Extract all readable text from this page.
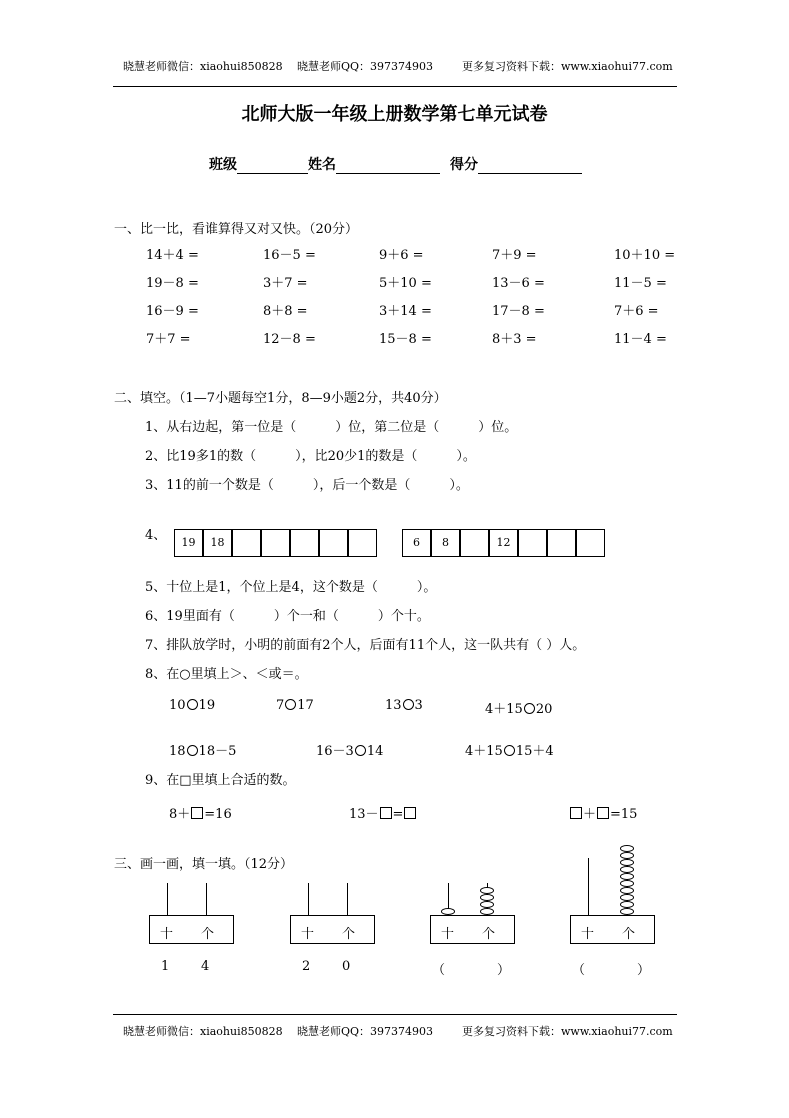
晓慧老师微信：xiaohui850828 晓慧老师QQ：397374903	更多复习资料下载：www.xiaohui77.com
北师大版一年级上册数学第七单元试卷
班级	姓名	得分
一、比一比，看谁算得又对又快。（20分）
14＋4 =	16－5 =	9＋6 =	7＋9 =	10＋10 =
19－8 =	3＋7 =	5＋10 =	13－6 =	11－5 =
16－9 =	8＋8 =	3＋14 =	17－8 =	7＋6 =
7＋7 =	12－8 =	15－8 =	8＋3 =	11－4 =
二、填空。（1—7小题每空1分，8—9小题2分，共40分）
1、从右边起，第一位是（　　　）位，第二位是（　　　）位。
2、比19多1的数（　　　），比20少1的数是（　　　）。
3、11的前一个数是（　　　），后一个数是（　　　）。
4、	19	18	6	8	12
5、十位上是1，个位上是4，这个数是（　　　）。
6、19里面有（　　　）个一和（　　　）个十。
7、排队放学时，小明的前面有2个人，后面有11个人，这一队共有（ ）人。
8、在○里填上＞、＜或＝。
10 19	7 17	13 3	4＋15 20
18 18－5	16－3 14	4＋15 15＋4
9、在□里填上合适的数。
8＋ =16	13－ =	＋ =15
三、画一画，填一填。（12分）
十 个
1 4
十 个
2 0
十 个
（　　　　）
十 个
（　　　　）
晓慧老师微信：xiaohui850828 晓慧老师QQ：397374903	更多复习资料下载：www.xiaohui77.com
